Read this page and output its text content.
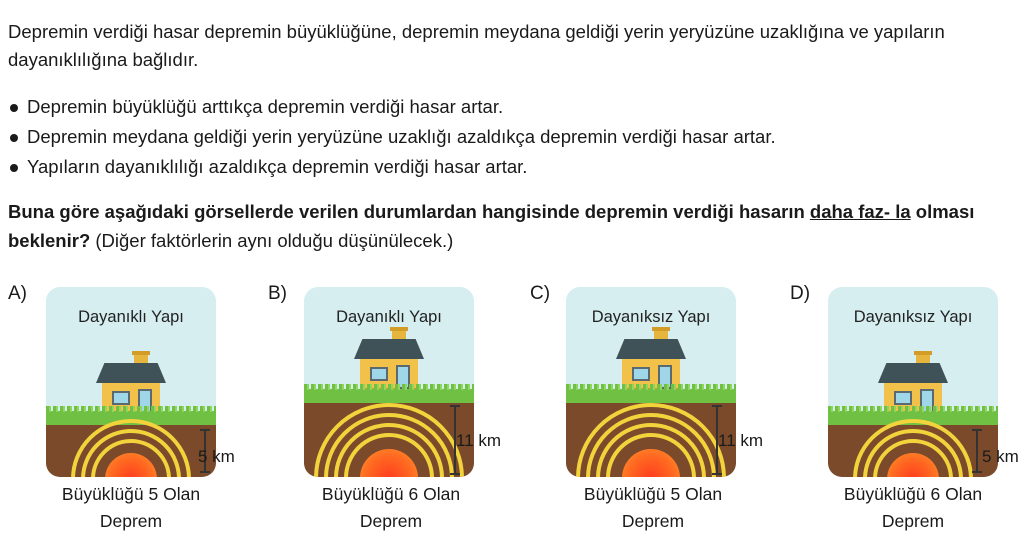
Depremin verdiği hasar depremin büyüklüğüne, depremin meydana geldiği yerin yeryüzüne uzaklığına ve yapıların dayanıklılığına bağlıdır.
Depremin büyüklüğü arttıkça depremin verdiği hasar artar.
Depremin meydana geldiği yerin yeryüzüne uzaklığı azaldıkça depremin verdiği hasar artar.
Yapıların dayanıklılığı azaldıkça depremin verdiği hasar artar.
Buna göre aşağıdaki görsellerde verilen durumlardan hangisinde depremin verdiği hasarın daha faz- la olması beklenir? (Diğer faktörlerin aynı olduğu düşünülecek.)
A)
Dayanıklı Yapı
5 km
Büyüklüğü 5 Olan
Deprem
B)
Dayanıklı Yapı
11 km
Büyüklüğü 6 Olan
Deprem
C)
Dayanıksız Yapı
11 km
Büyüklüğü 5 Olan
Deprem
D)
Dayanıksız Yapı
5 km
Büyüklüğü 6 Olan
Deprem
